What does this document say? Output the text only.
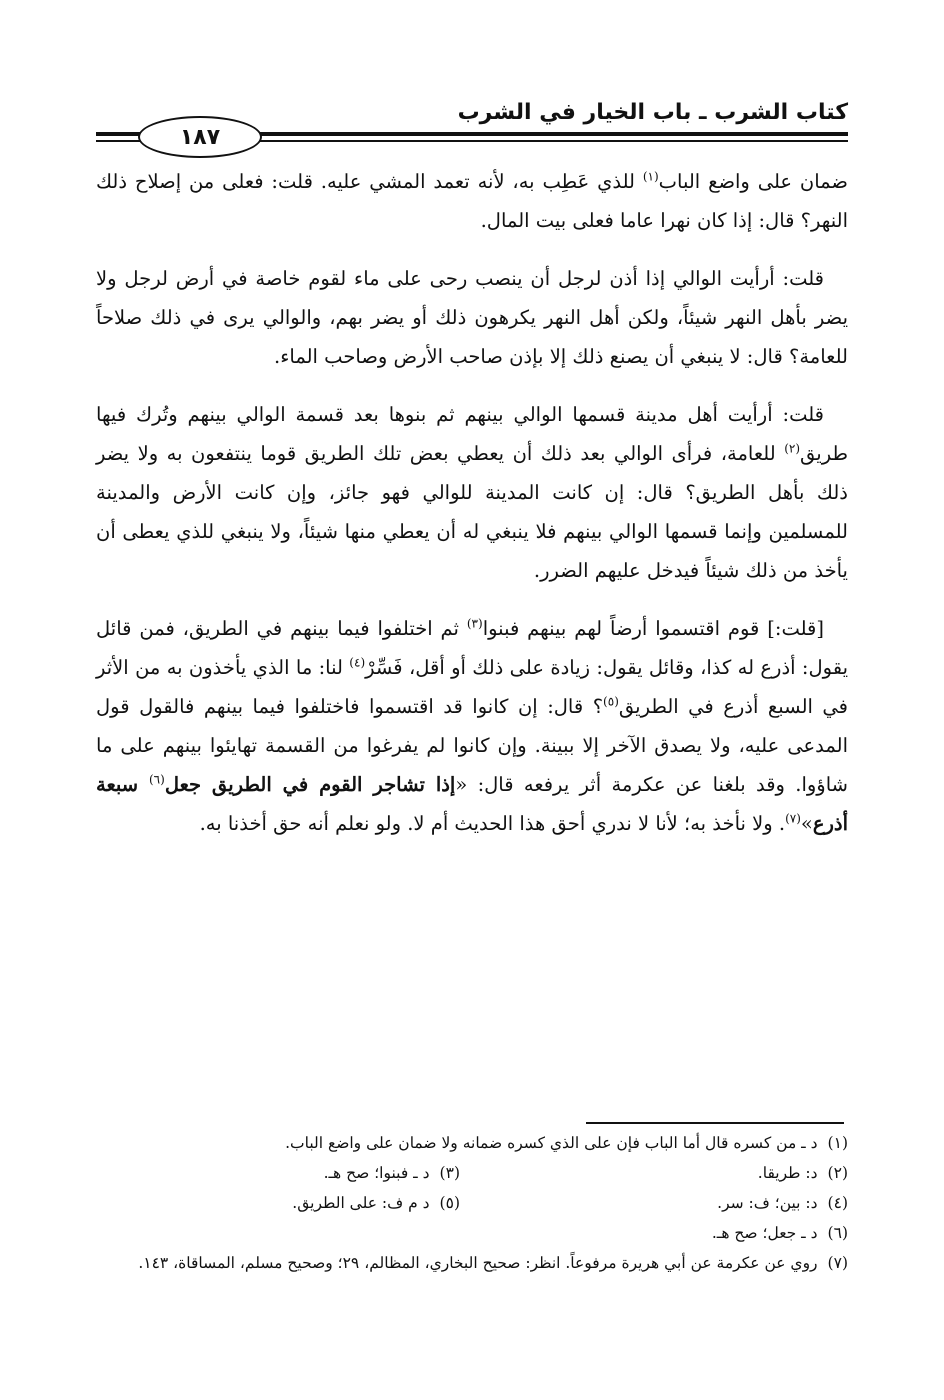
كتاب الشرب ـ باب الخيار في الشرب
١٨٧

ضمان على واضع الباب$^{(١)}$ للذي عَطِب به، لأنه تعمد المشي عليه. قلت: فعلى من إصلاح ذلك النهر؟ قال: إذا كان نهرا عاما فعلى بيت المال.

قلت: أرأيت الوالي إذا أذن لرجل أن ينصب رحى على ماء لقوم خاصة في أرض لرجل ولا يضر بأهل النهر شيئاً، ولكن أهل النهر يكرهون ذلك أو يضر بهم، والوالي يرى في ذلك صلاحاً للعامة؟ قال: لا ينبغي أن يصنع ذلك إلا بإذن صاحب الأرض وصاحب الماء.

قلت: أرأيت أهل مدينة قسمها الوالي بينهم ثم بنوها بعد قسمة الوالي بينهم وتُرك فيها طريق$^{(٢)}$ للعامة، فرأى الوالي بعد ذلك أن يعطي بعض تلك الطريق قوما ينتفعون به ولا يضر ذلك بأهل الطريق؟ قال: إن كانت المدينة للوالي فهو جائز، وإن كانت الأرض والمدينة للمسلمين وإنما قسمها الوالي بينهم فلا ينبغي له أن يعطي منها شيئاً، ولا ينبغي للذي يعطى أن يأخذ من ذلك شيئاً فيدخل عليهم الضرر.

[قلت:] قوم اقتسموا أرضاً لهم بينهم فبنوا$^{(٣)}$ ثم اختلفوا فيما بينهم في الطريق، فمن قائل يقول: أذرع له كذا، وقائل يقول: زيادة على ذلك أو أقل، فَسِّرْ$^{(٤)}$ لنا: ما الذي يأخذون به من الأثر في السبع أذرع في الطريق$^{(٥)}$؟ قال: إن كانوا قد اقتسموا فاختلفوا فيما بينهم فالقول قول المدعى عليه، ولا يصدق الآخر إلا ببينة. وإن كانوا لم يفرغوا من القسمة تهايئوا بينهم على ما شاؤوا. وقد بلغنا عن عكرمة أثر يرفعه قال: «إذا تشاجر القوم في الطريق جعل$^{(٦)}$ سبعة أذرع»$^{(٧)}$. ولا نأخذ به؛ لأنا لا ندري أحق هذا الحديث أم لا. ولو نعلم أنه حق أخذنا به.

(١)د ـ من كسره قال أما الباب فإن على الذي كسره ضمانه ولا ضمان على واضع الباب.
(٢)د: طريقا.
(٣)د ـ فبنوا؛ صح هـ.
(٤)د: بين؛ ف: سر.
(٥)د م ف: على الطريق.
(٦)د ـ جعل؛ صح هـ.
(٧)روي عن عكرمة عن أبي هريرة مرفوعاً. انظر: صحيح البخاري، المظالم، ٢٩؛ وصحيح مسلم، المساقاة، ١٤٣.
